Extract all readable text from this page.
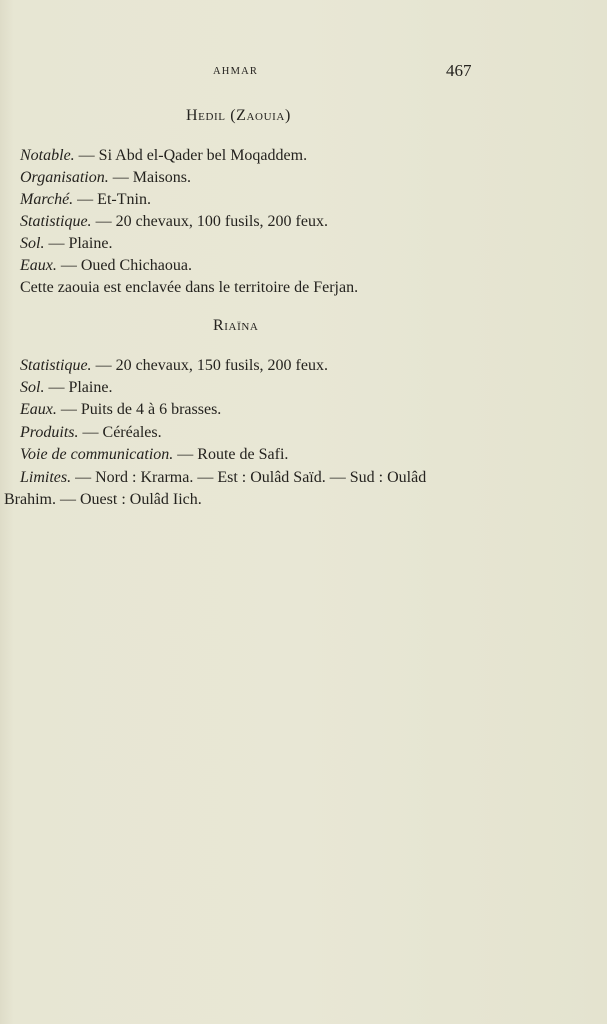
AHMAR	467
Hedil (Zaouia)
Notable. — Si Abd el-Qader bel Moqaddem.
Organisation. — Maisons.
Marché. — Et-Tnin.
Statistique. — 20 chevaux, 100 fusils, 200 feux.
Sol. — Plaine.
Eaux. — Oued Chichaoua.
Cette zaouia est enclavée dans le territoire de Ferjan.
Riaïna
Statistique. — 20 chevaux, 150 fusils, 200 feux.
Sol. — Plaine.
Eaux. — Puits de 4 à 6 brasses.
Produits. — Céréales.
Voie de communication. — Route de Safi.
Limites. — Nord : Krarma. — Est : Oulâd Saïd. — Sud : Oulâd
Brahim. — Ouest : Oulâd Iich.
